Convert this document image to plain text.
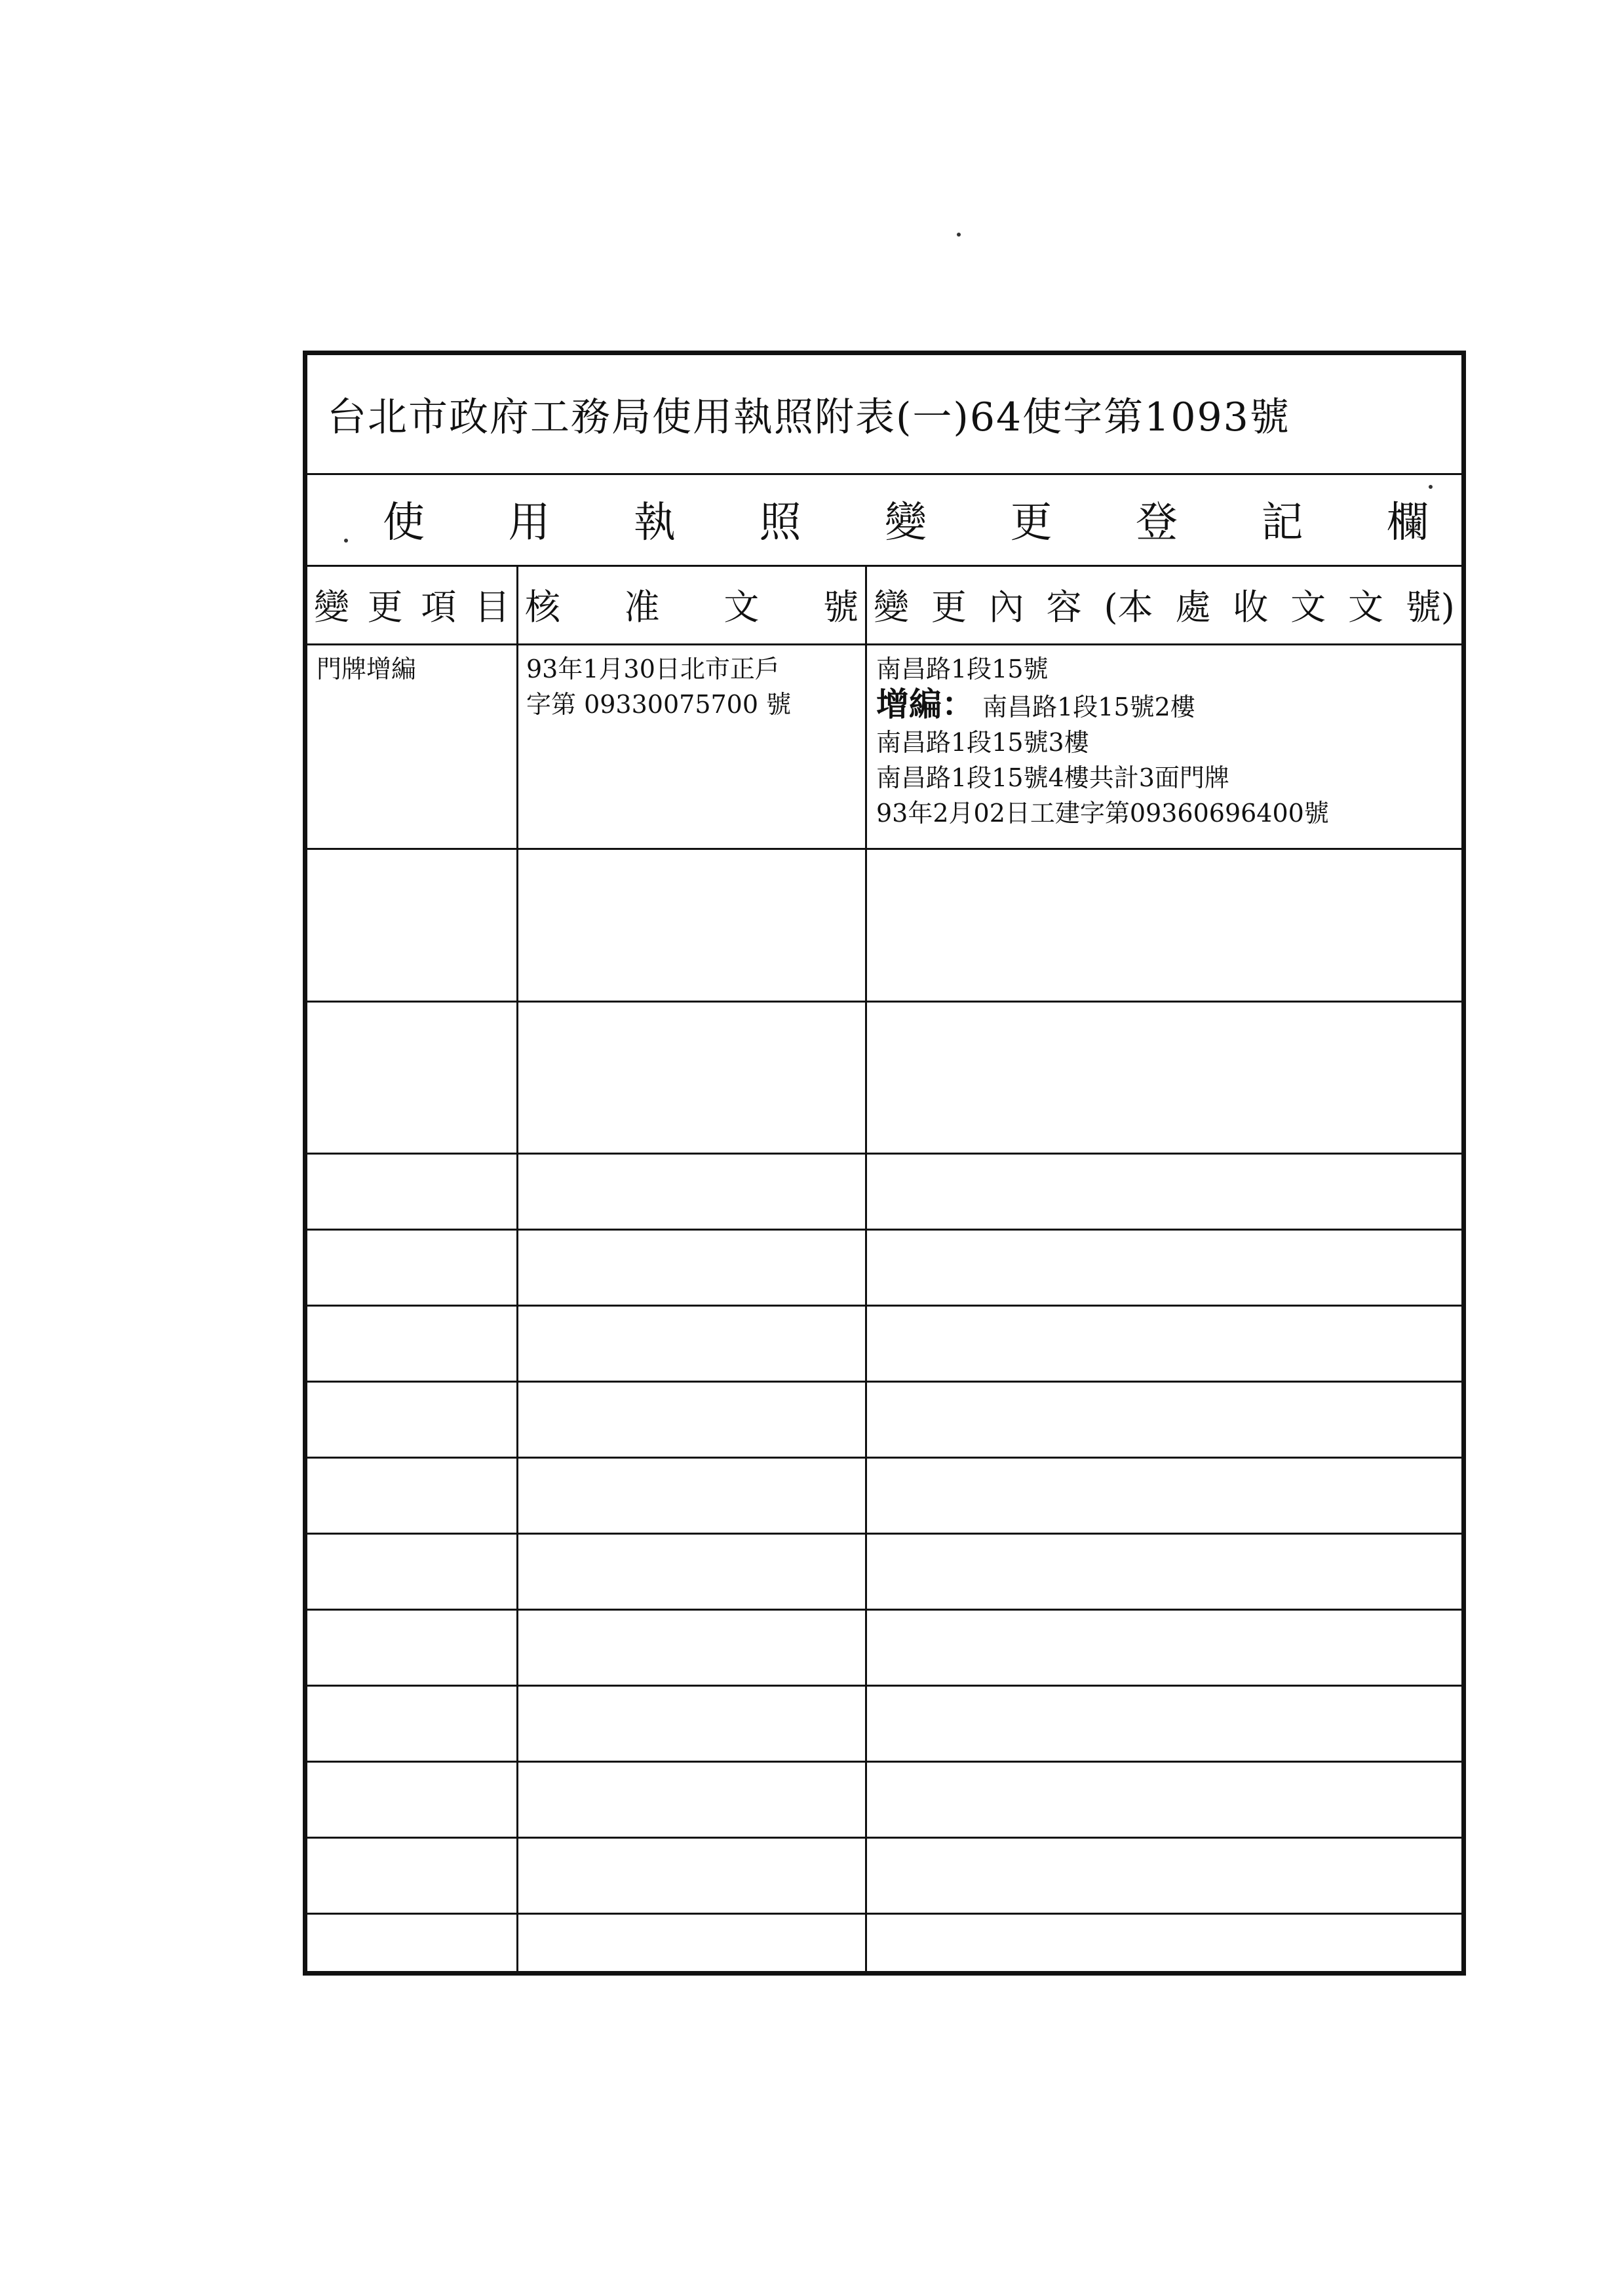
台北市政府工務局使用執照附表(一)64使字第1093號
使 用 執 照 變 更 登 記 欄
變 更 項 目 核 准 文 號 變 更 內 容 (本 處 收 文 文 號)
門牌增編	93年1月30日北市正戶
字第 09330075700 號
南昌路1段15號
增編： 南昌路1段15號2樓
南昌路1段15號3樓
南昌路1段15號4樓共計3面門牌
93年2月02日工建字第09360696400號
